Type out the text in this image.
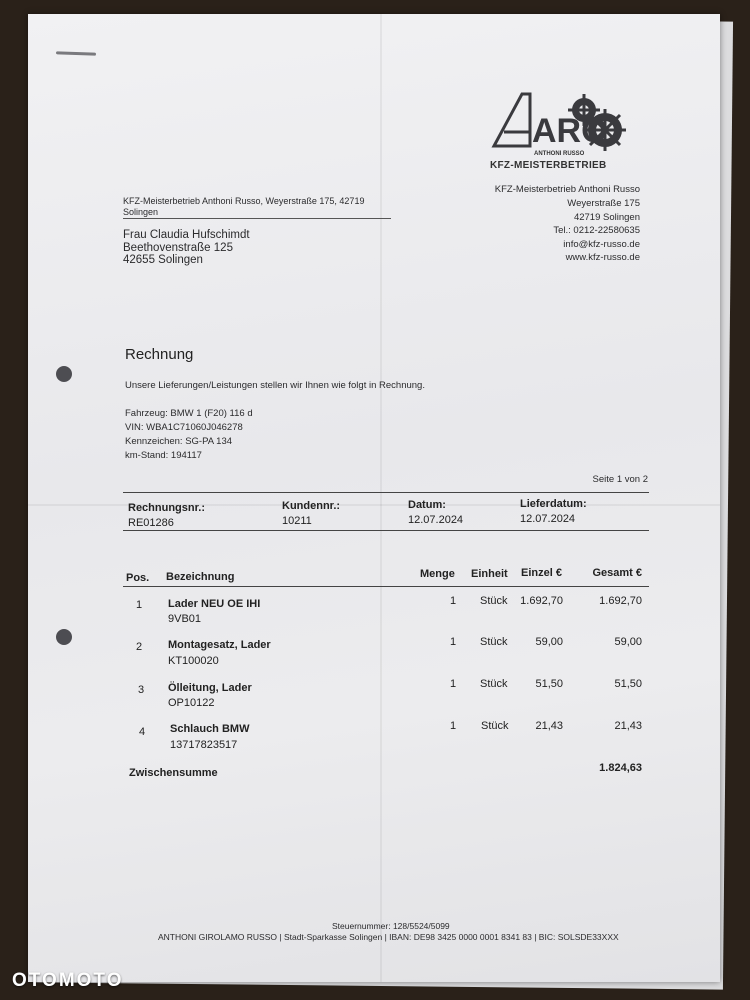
ARO
ANTHONI RUSSO
KFZ-MEISTERBETRIEB
KFZ-Meisterbetrieb Anthoni Russo, Weyerstraße 175, 42719
Solingen
Frau Claudia Hufschimdt
Beethovenstraße 125
42655 Solingen
KFZ-Meisterbetrieb Anthoni Russo
Weyerstraße 175
42719 Solingen
Tel.: 0212-22580635
info@kfz-russo.de
www.kfz-russo.de
Rechnung
Unsere Lieferungen/Leistungen stellen wir Ihnen wie folgt in Rechnung.
Fahrzeug: BMW 1 (F20) 116 d
VIN: WBA1C71060J046278
Kennzeichen: SG-PA 134
km-Stand: 194117
Seite 1 von 2
Rechnungsnr.:
RE01286
Kundennr.:
10211
Datum:
12.07.2024
Lieferdatum:
12.07.2024
Pos. Bezeichnung	Menge Einheit Einzel €	Gesamt €
1 Lader NEU OE IHI
9VB01
1 Stück 1.692,70	1.692,70
2 Montagesatz, Lader
KT100020
1 Stück	59,00	59,00
3 Ölleitung, Lader
OP10122
1 Stück	51,50	51,50
4 Schlauch BMW
13717823517
1 Stück 21,43	21,43
Zwischensumme	1.824,63
Steuernummer: 128/5524/5099
ANTHONI GIROLAMO RUSSO | Stadt-Sparkasse Solingen | IBAN: DE98 3425 0000 0001 8341 83 | BIC: SOLSDE33XXX
OTOMOTO
